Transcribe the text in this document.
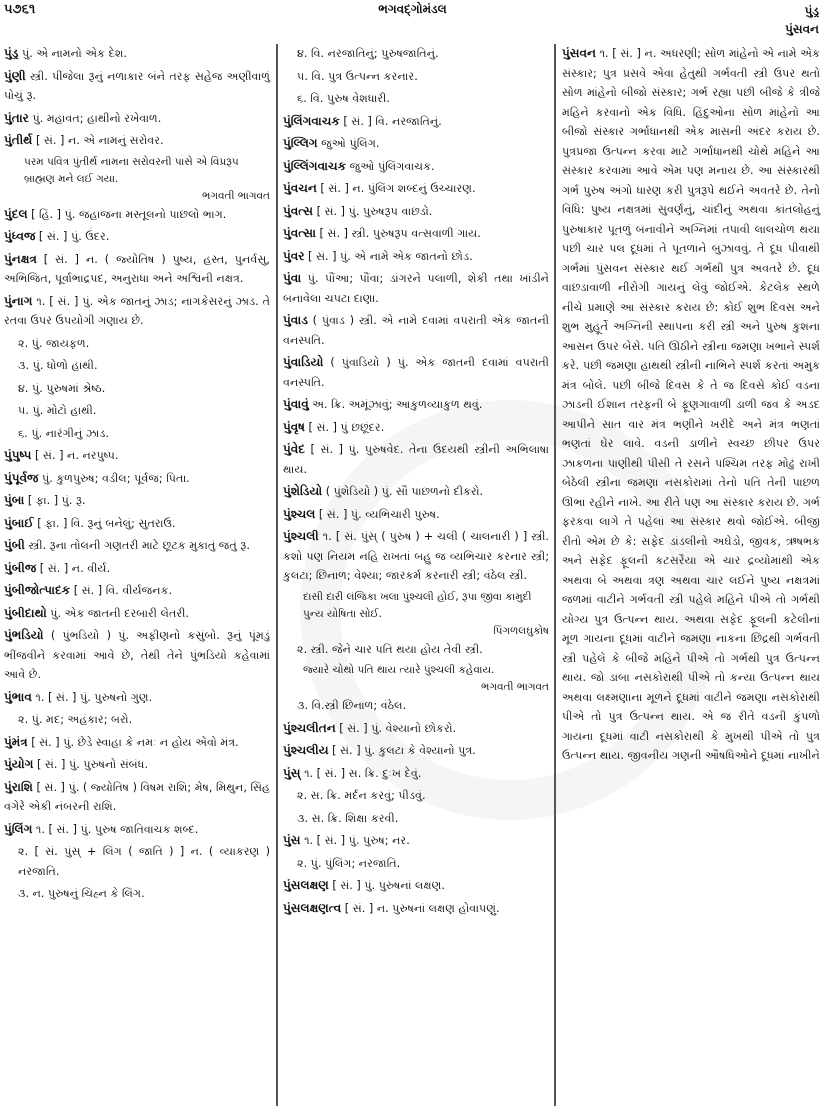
૫૭૬૧	ભગવદ્ગોમંડલ	પુંડ્ર
પુંસવન
પુંડ્ર પું. એ નામનો એક દેશ.
પુંણી સ્ત્રી. પીંજેલા રૂનું નળાકાર બંને તરફ સહેજ અણીવાળું પોચું રૂ.
પુંતાર પું. મહાવત; હાથીનો રખેવાળ.
પુંતીર્થ [ સં. ] ન. એ નામનું સરોવર.
પરમ પવિત્ર પુંતીર્થ નામના સરોવરની પાસે એ વિપ્રરૂપ બ્રાહ્મણ મને લઈ ગયા.
ભગવતી ભાગવત
પુંદલ [ હિં. ] પું. જહાજના મસ્તૂલનો પાછલો ભાગ.
પુંધ્વજ [ સં. ] પું. ઉંદર.
પુંનક્ષત્ર [ સં. ] ન. ( જ્યોતિષ ) પુષ્ય, હસ્ત, પુનર્વસુ, અભિજિત, પૂર્વાભાદ્રપદ, અનુરાધા અને અશ્વિની નક્ષત્ર.
પુંનાગ ૧. [ સં. ] પું. એક જાતનું ઝાડ; નાગકેસરનું ઝાડ. તે રતવા ઉપર ઉપયોગી ગણાય છે.
૨. પું. જાયફળ.
૩. પું. ધોળો હાથી.
૪. પું. પુરુષમાં શ્રેષ્ઠ.
૫. પું. મોટો હાથી.
૬. પું. નારંગીનું ઝાડ.
પુંપુષ્પ [ સં. ] ન. નરપુષ્પ.
પુંપૂર્વજ પું. કુળપુરુષ; વડીલ; પૂર્વજ; પિતા.
પુંબા [ ફા. ] પું. રૂ.
પુંબાઈ [ ફા. ] વિ. રૂનું બનેલું; સુતરાઉ.
પુંબી સ્ત્રી. રૂના તોલની ગણતરી માટે છૂટક મુકાતું જતું રૂ.
પુંબીજ [ સં. ] ન. વીર્ય.
પુંબીજોત્પાદક [ સં. ] વિ. વીર્યજનક.
પુંબીદાથો પું. એક જાતની દરબારી લેતરી.
પુંભડિયો ( પુંભડિયો ) પું. અફીણનો કસુંબો. રૂનું પૂંમડું ભીંજવીને કરવામાં આવે છે, તેથી તેને પુંભડિયો કહેવામાં આવે છે.
પુંભાવ ૧. [ સં. ] પું. પુરુષનો ગુણ.
૨. પું. મદ; અહંકાર; બરો.
પુંમંત્ર [ સં. ] પું. છેડે સ્વાહા કે નમઃ ન હોય એવો મંત્ર.
પુંયોગ [ સં. ] પું. પુરુષનો સંબંધ.
પુંરાશિ [ સં. ] પું. ( જ્યોતિષ ) વિષમ રાશિ; મેષ, મિથુન, સિંહ વગેરે એકી નંબરની રાશિ.
પુંલિંગ ૧. [ સં. ] પું. પુરુષ જાતિવાચક શબ્દ.
૨. [ સં. પુંસ્ + લિંગ ( જાતિ ) ] ન. ( વ્યાકરણ ) નરજાતિ.
૩. ન. પુરુષનું ચિહ્ન કે લિંગ.
૪. વિ. નરજાતિનું; પુરુષજાતિનું.
૫. વિ. પુત્ર ઉત્પન્ન કરનાર.
૬. વિ. પુરુષ વેશધારી.
પુંલિંગવાચક [ સં. ] વિ. નરજાતિનું.
પુંલ્લિગ જુઓ પુંલિંગ.
પુંલ્લિંગવાચક જુઓ પુંલિંગવાચક.
પુંવચન [ સં. ] ન. પુંલિંગ શબ્દનું ઉચ્ચારણ.
પુંવત્સ [ સં. ] પું. પુરુષરૂપ વાછડો.
પુંવત્સા [ સં. ] સ્ત્રી. પુરુષરૂપ વત્સવાળી ગાય.
પુંવર [ સં. ] પું. એ નામે એક જાતનો છોડ.
પુંવા પું. પૌંઆ; પૌંવા; ડાંગરને પલાળી, શેકી તથા ખાંડીને બનાવેલા ચપટા દાણા.
પુંવાડ ( પુંવાડ ) સ્ત્રી. એ નામે દવામાં વપરાતી એક જાતની વનસ્પતિ.
પુંવાડિયો ( પુંવાડિયો ) પું. એક જાતની દવામાં વપરાતી વનસ્પતિ.
પુંવાવું અ. ક્રિ. અમૂંઝાવું; આકુળવ્યાકુળ થવું.
પુંવૃષ [ સં. ] પું છછૂંદર.
પુંવેદ [ સં. ] પું. પુરુષવેદ. તેના ઉદયથી સ્ત્રીની અભિલાષા થાય.
પુંશેડિયો ( પુંશેડિયો ) પું. સૌ પાછળનો દીકરો.
પુંશ્ચલ [ સં. ] પું. વ્યભિચારી પુરુષ.
પુંશ્ચલી ૧. [ સં. પુંસ્ ( પુરુષ ) + ચલી ( ચાલનારી ) ] સ્ત્રી. કશો પણ નિયમ નહિ રાખતાં બહુ જ વ્યભિચાર કરનાર સ્ત્રી; કુલટા; છિનાળ; વેશ્યા; જારકર્મ કરનારી સ્ત્રી; વંઠેલ સ્ત્રી.
દાસી દારી લંજિકા ખલા પુંશ્ચલી હોઈ, રૂપા જીવા કામુદી પુન્ય યોષિતા સોઈ.
પિંગળલઘુકોષ
૨. સ્ત્રી. જેને ચાર પતિ થયા હોય તેવી સ્ત્રી.
જ્યારે ચોથો પતિ થાય ત્યારે પુંશ્ચલી કહેવાય.
ભગવતી ભાગવત
૩. વિ.સ્ત્રી છિનાળ; વંઠેલ.
પુંશ્ચલીતન [ સં. ] પું. વેશ્યાનો છોકરો.
પુંશ્ચલીય [ સં. ] પું. કુલટા કે વેશ્યાનો પુત્ર.
પુંસ્ ૧. [ સં. ] સ. ક્રિ. દુઃખ દેવું.
૨. સ. ક્રિ. મર્દન કરવું; પીડવું.
૩. સ. ક્રિ. શિક્ષા કરવી.
પુંસ ૧. [ સં. ] પું. પુરુષ; નર.
૨. પું. પુંલિંગ; નરજાતિ.
પુંસલક્ષણ [ સં. ] પું. પુરુષનાં લક્ષણ.
પુંસલક્ષણત્વ [ સં. ] ન. પુરુષનાં લક્ષણ હોવાપણું.
પુંસવન ૧. [ સં. ] ન. અધરણી; સોળ માંહેનો એ નામે એક સંસ્કાર; પુત્ર પ્રસવે એવા હેતુથી ગર્ભવતી સ્ત્રી ઉપર થતો સોળ માંહેનો બીજો સંસ્કાર; ગર્ભ રહ્યા પછી બીજે કે ત્રીજે મહિને કરવાનો એક વિધિ. હિંદુઓના સોળ માંહેનો આ બીજો સંસ્કાર ગર્ભાધાનથી એક માસની અંદર કરાય છે. પુત્રપ્રજા ઉત્પન્ન કરવા માટે ગર્ભાધાનથી ચોથે મહિને આ સંસ્કાર કરવામાં આવે એમ પણ મનાય છે. આ સંસ્કારથી ગર્ભ પુરુષ અંગો ધારણ કરી પુત્રરૂપે થઈને અવતરે છે. તેનો વિધિ: પુષ્ય નક્ષત્રમાં સુવર્ણનું, ચાંદીનું અથવા કાંતલોહનું પુરુષાકાર પૂતળું બનાવીને અગ્નિમાં તપાવી લાલચોળ થયા પછી ચાર પલ દૂધમાં તે પૂતળાને બુઝાવવું. તે દૂધ પીવાથી ગર્ભમાં પુંસવન સંસ્કાર થઈ ગર્ભથી પુત્ર અવતરે છે. દૂધ વાછડાવાળી નીરોગી ગાયનું લેવું જોઈએ. કેટલેક સ્થળે નીચે પ્રમાણે આ સંસ્કાર કરાય છે: કોઈ શુભ દિવસ અને શુભ મુહૂર્તે અગ્નિની સ્થાપના કરી સ્ત્રી અને પુરુષ કુશના આસન ઉપર બેસે. પતિ ઊઠીને સ્ત્રીના જમણા ખભાને સ્પર્શ કરે. પછી જમણા હાથથી સ્ત્રીની નાભિને સ્પર્શ કરતાં અમુક મંત્ર બોલે. પછી બીજે દિવસ કે તે જ દિવસે કોઈ વડના ઝાડની ઈશાન તરફની બે ફૂણગાવાળી ડાળી જવ કે અડદ આપીને સાત વાર મંત્ર ભણીને ખરીદે અને મંત્ર ભણતાં ભણતાં ઘેર લાવે. વડની ડાળીને સ્વચ્છ છીપર ઉપર ઝાકળના પાણીથી પીસી તે રસને પશ્ચિમ તરફ મોઢું રાખી બેઠેલી સ્ત્રીના જમણા નસકોરામાં તેનો પતિ તેની પાછળ ઊભા રહીને નાખે. આ રીતે પણ આ સંસ્કાર કરાય છે. ગર્ભ ફરકવા લાગે તે પહેલાં આ સંસ્કાર થવો જોઈએ. બીજી રીતો એમ છે કે: સફેદ ડાંડલીનો અઘેડો, જીવક, ઋષભક અને સફેદ ફૂલની કટસરૈયા એ ચાર દ્રવ્યોમાંથી એક અથવા બે અથવા ત્રણ અથવા ચાર લઈને પુષ્ય નક્ષત્રમાં જળમાં વાટીને ગર્ભવતી સ્ત્રી પહેલે મહિને પીએ તો ગર્ભથી યોગ્ય પુત્ર ઉત્પન્ન થાય. અથવા સફેદ ફૂલની કટેલીનાં મૂળ ગાયના દૂધમાં વાટીને જમણા નાકના છિદ્રથી ગર્ભવતી સ્ત્રી પહેલે કે બીજે મહિને પીએ તો ગર્ભથી પુત્ર ઉત્પન્ન થાય. જો ડાબા નસકોરાથી પીએ તો કન્યા ઉત્પન્ન થાય અથવા લક્ષ્મણાના મૂળને દૂધમાં વાટીને જમણા નસકોરાથી પીએ તો પુત્ર ઉત્પન્ન થાય. એ જ રીતે વડની કુંપળો ગાયના દૂધમાં વાટી નસકોરાથી કે મુખથી પીએ તો પુત્ર ઉત્પન્ન થાય. જીવનીય ગણની ઔષધિઓને દૂધમાં નાખીને
